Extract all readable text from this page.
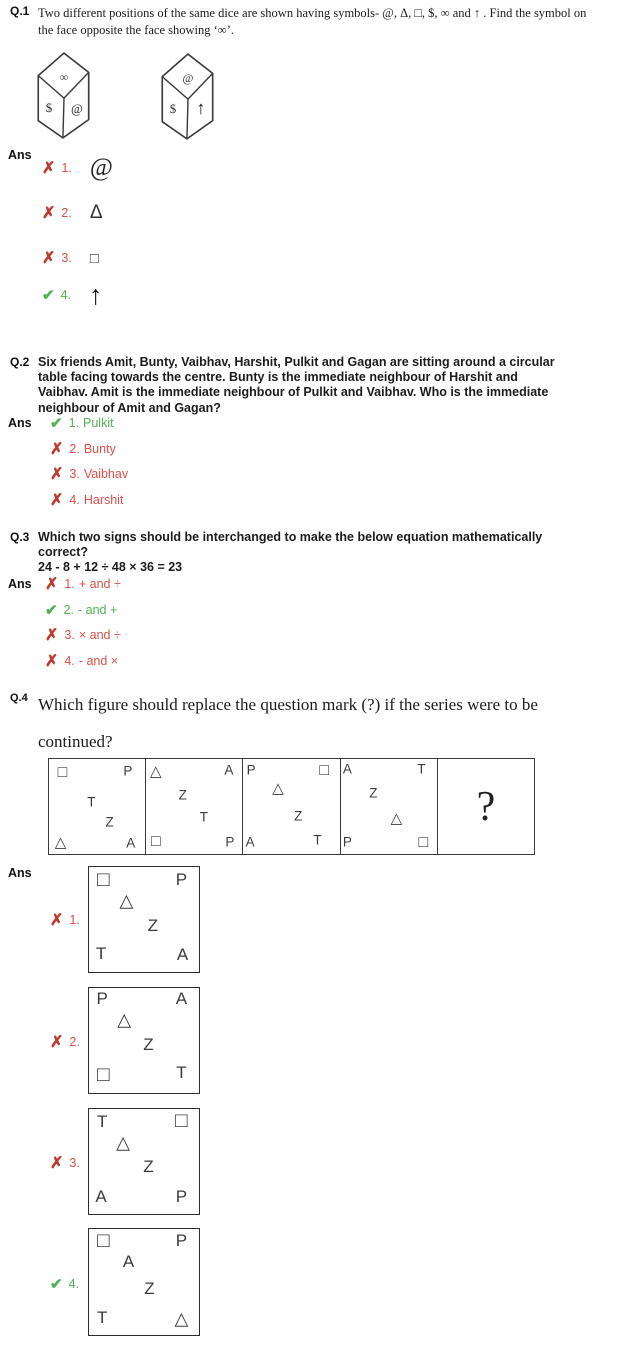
Q.1 Two different positions of the same dice are shown having symbols- @, Δ, □, $, ∞ and ↑ . Find the symbol on
the face opposite the face showing ‘∞’.
∞
$ @
@
$ ↑
Ans
✗ 1. @
✗ 2. Δ
✗ 3. □
✔ 4. ↑
Q.2 Six friends Amit, Bunty, Vaibhav, Harshit, Pulkit and Gagan are sitting around a circular
table facing towards the centre. Bunty is the immediate neighbour of Harshit and
Vaibhav. Amit is the immediate neighbour of Pulkit and Vaibhav. Who is the immediate
neighbour of Amit and Gagan?
Ans ✔ 1. Pulkit
✗ 2. Bunty
✗ 3. Vaibhav
✗ 4. Harshit
Q.3 Which two signs should be interchanged to make the below equation mathematically
correct?
24 - 8 + 12 ÷ 48 × 36 = 23
Ans ✗ 1. + and ÷
✔ 2. - and +
✗ 3. × and ÷
✗ 4. - and ×
Q.4 Which figure should replace the question mark (?) if the series were to be
continued?
□	P
T
Z
△	A
△	A
Z
T
□	P
P	□
△
Z
A	T
A	T
Z
△
P	□
?
Ans
✗ 1.
□	P
△
Z
T	A
✗ 2.
P	A
△
Z
□	T
✗ 3.
T	□
△
Z
A	P
✔ 4.
□	P
A
Z
T	△
